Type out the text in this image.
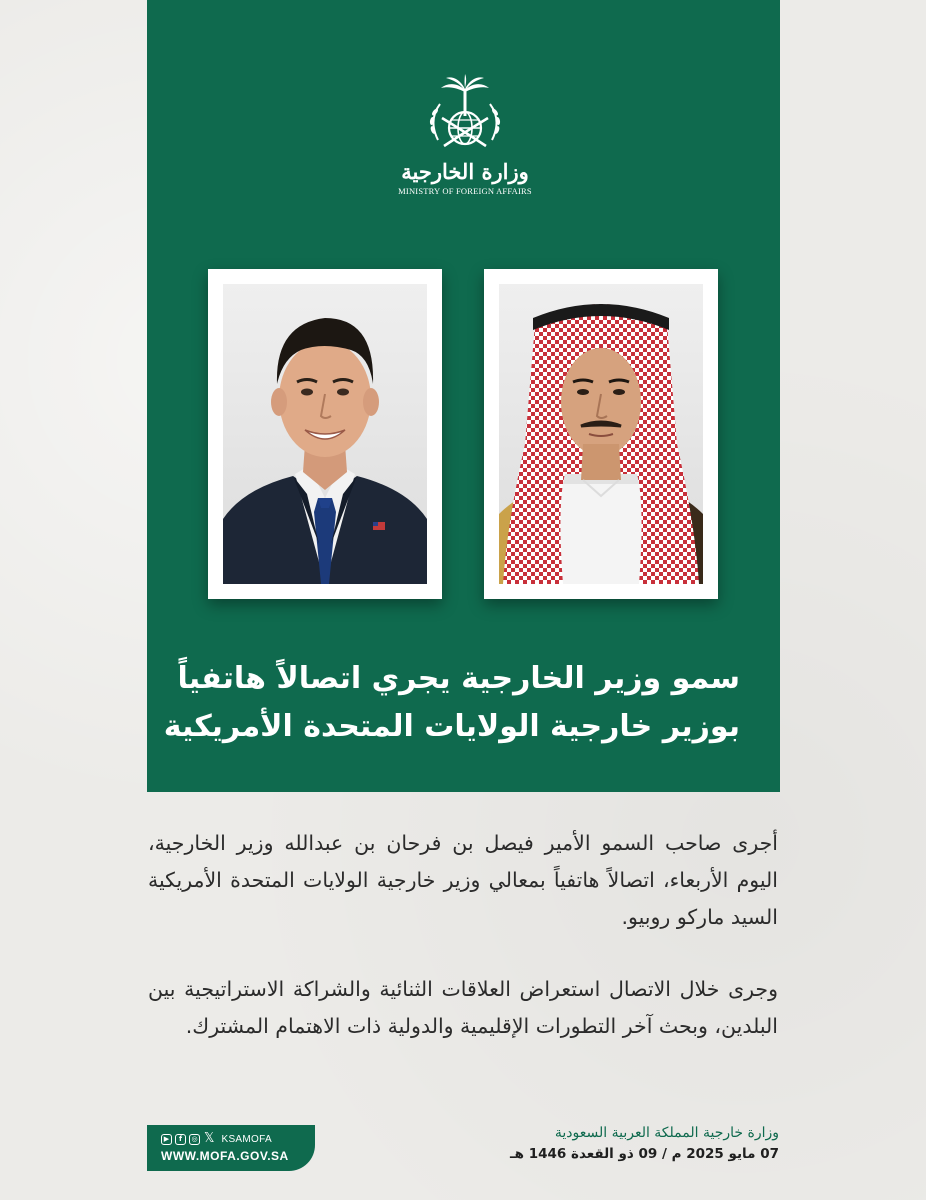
وزارة الخارجية
MINISTRY OF FOREIGN AFFAIRS
سمو وزير الخارجية يجري اتصالاً هاتفياً
بوزير خارجية الولايات المتحدة الأمريكية

أجرى صاحب السمو الأمير فيصل بن فرحان بن عبدالله وزير الخارجية، اليوم الأربعاء، اتصالاً هاتفياً بمعالي وزير خارجية الولايات المتحدة الأمريكية السيد ماركو روبيو.

وجرى خلال الاتصال استعراض العلاقات الثنائية والشراكة الاستراتيجية بين البلدين، وبحث آخر التطورات الإقليمية والدولية ذات الاهتمام المشترك.

▶	f	◎ 𝕏 KSAMOFA
WWW.MOFA.GOV.SA
وزارة خارجية المملكة العربية السعودية
07 مايو 2025 م / 09 ذو القعدة 1446 هـ
